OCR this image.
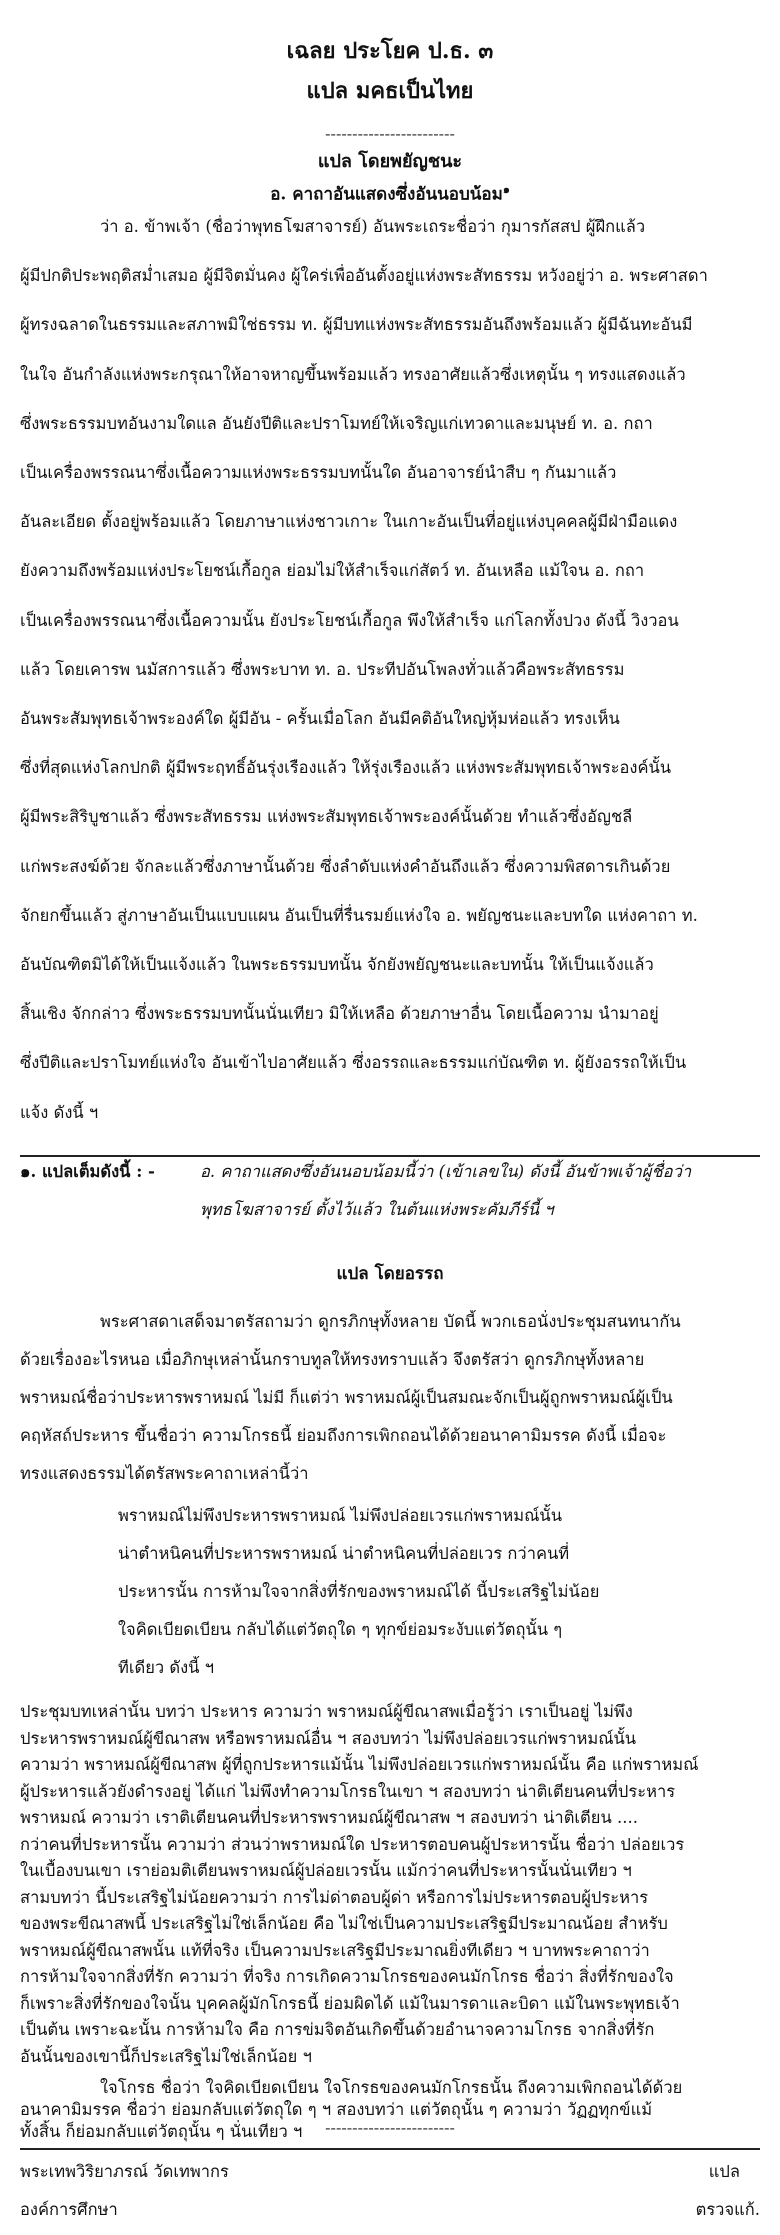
เฉลย ประโยค ป.ธ. ๓
แปล มคธเป็นไทย
------------------------
แปล โดยพยัญชนะ
อ. คาถาอันแสดงซึ่งอันนอบน้อม$^๑$
ว่า อ. ข้าพเจ้า (ชื่อว่าพุทธโฆสาจารย์) อันพระเถระชื่อว่า กุมารกัสสป ผู้ฝึกแล้ว
ผู้มีปกติประพฤติสม่ำเสมอ ผู้มีจิตมั่นคง ผู้ใคร่เพื่ออันตั้งอยู่แห่งพระสัทธรรม หวังอยู่ว่า อ. พระศาสดา
ผู้ทรงฉลาดในธรรมและสภาพมิใช่ธรรม ท. ผู้มีบทแห่งพระสัทธรรมอันถึงพร้อมแล้ว ผู้มีฉันทะอันมี
ในใจ อันกำลังแห่งพระกรุณาให้อาจหาญขึ้นพร้อมแล้ว ทรงอาศัยแล้วซึ่งเหตุนั้น ๆ ทรงแสดงแล้ว
ซึ่งพระธรรมบทอันงามใดแล อันยังปีติและปราโมทย์ให้เจริญแก่เทวดาและมนุษย์ ท. อ. กถา
เป็นเครื่องพรรณนาซึ่งเนื้อความแห่งพระธรรมบทนั้นใด อันอาจารย์นำสืบ ๆ กันมาแล้ว
อันละเอียด ตั้งอยู่พร้อมแล้ว โดยภาษาแห่งชาวเกาะ ในเกาะอันเป็นที่อยู่แห่งบุคคลผู้มีฝ่ามือแดง
ยังความถึงพร้อมแห่งประโยชน์เกื้อกูล ย่อมไม่ให้สำเร็จแก่สัตว์ ท. อันเหลือ แม้ใจน อ. กถา
เป็นเครื่องพรรณนาซึ่งเนื้อความนั้น ยังประโยชน์เกื้อกูล พึงให้สำเร็จ แก่โลกทั้งปวง ดังนี้ วิงวอน
แล้ว โดยเคารพ นมัสการแล้ว ซึ่งพระบาท ท. อ. ประทีปอันโพลงทั่วแล้วคือพระสัทธรรม
อันพระสัมพุทธเจ้าพระองค์ใด ผู้มีอัน - ครั้นเมื่อโลก อันมีคติอันใหญ่หุ้มห่อแล้ว ทรงเห็น
ซึ่งที่สุดแห่งโลกปกติ ผู้มีพระฤทธิ์อันรุ่งเรืองแล้ว ให้รุ่งเรืองแล้ว แห่งพระสัมพุทธเจ้าพระองค์นั้น
ผู้มีพระสิริบูชาแล้ว ซึ่งพระสัทธรรม แห่งพระสัมพุทธเจ้าพระองค์นั้นด้วย ทำแล้วซึ่งอัญชลี
แก่พระสงฆ์ด้วย จักละแล้วซึ่งภาษานั้นด้วย ซึ่งลำดับแห่งคำอันถึงแล้ว ซึ่งความพิสดารเกินด้วย
จักยกขึ้นแล้ว สู่ภาษาอันเป็นแบบแผน อันเป็นที่รื่นรมย์แห่งใจ อ. พยัญชนะและบทใด แห่งคาถา ท.
อันบัณฑิตมิได้ให้เป็นแจ้งแล้ว ในพระธรรมบทนั้น จักยังพยัญชนะและบทนั้น ให้เป็นแจ้งแล้ว
สิ้นเชิง จักกล่าว ซึ่งพระธรรมบทนั้นนั่นเทียว มิให้เหลือ ด้วยภาษาอื่น โดยเนื้อความ นำมาอยู่
ซึ่งปีติและปราโมทย์แห่งใจ อันเข้าไปอาศัยแล้ว ซึ่งอรรถและธรรมแก่บัณฑิต ท. ผู้ยังอรรถให้เป็น
แจ้ง ดังนี้ ฯ
๑. แปลเต็มดังนี้ : -	อ. คาถาแสดงซึ่งอันนอบน้อมนี้ว่า (เข้าเลขใน) ดังนี้ อันข้าพเจ้าผู้ชื่อว่า
พุทธโฆสาจารย์ ตั้งไว้แล้ว ในต้นแห่งพระคัมภีร์นี้ ฯ
แปล โดยอรรถ
พระศาสดาเสด็จมาตรัสถามว่า ดูกรภิกษุทั้งหลาย บัดนี้ พวกเธอนั่งประชุมสนทนากัน
ด้วยเรื่องอะไรหนอ เมื่อภิกษุเหล่านั้นกราบทูลให้ทรงทราบแล้ว จึงตรัสว่า ดูกรภิกษุทั้งหลาย
พราหมณ์ชื่อว่าประหารพราหมณ์ ไม่มี ก็แต่ว่า พราหมณ์ผู้เป็นสมณะจักเป็นผู้ถูกพราหมณ์ผู้เป็น
คฤหัสถ์ประหาร ขึ้นชื่อว่า ความโกรธนี้ ย่อมถึงการเพิกถอนได้ด้วยอนาคามิมรรค ดังนี้ เมื่อจะ
ทรงแสดงธรรมได้ตรัสพระคาถาเหล่านี้ว่า
พราหมณ์ไม่พึงประหารพราหมณ์ ไม่พึงปล่อยเวรแก่พราหมณ์นั้น
น่าตำหนิคนที่ประหารพราหมณ์ น่าตำหนิคนที่ปล่อยเวร กว่าคนที่
ประหารนั้น การห้ามใจจากสิ่งที่รักของพราหมณ์ได้ นี้ประเสริฐไม่น้อย
ใจคิดเบียดเบียน กลับได้แต่วัตถุใด ๆ ทุกข์ย่อมระงับแต่วัตถุนั้น ๆ
ทีเดียว ดังนี้ ฯ
ประชุมบทเหล่านั้น บทว่า ประหาร ความว่า พราหมณ์ผู้ขีณาสพเมื่อรู้ว่า เราเป็นอยู่ ไม่พึง
ประหารพราหมณ์ผู้ขีณาสพ หรือพราหมณ์อื่น ฯ สองบทว่า ไม่พึงปล่อยเวรแก่พราหมณ์นั้น
ความว่า พราหมณ์ผู้ขีณาสพ ผู้ที่ถูกประหารแม้นั้น ไม่พึงปล่อยเวรแก่พราหมณ์นั้น คือ แก่พราหมณ์
ผู้ประหารแล้วยังดำรงอยู่ ได้แก่ ไม่พึงทำความโกรธในเขา ฯ สองบทว่า น่าติเตียนคนที่ประหาร
พราหมณ์ ความว่า เราติเตียนคนที่ประหารพราหมณ์ผู้ขีณาสพ ฯ สองบทว่า น่าติเตียน ....
กว่าคนที่ประหารนั้น ความว่า ส่วนว่าพราหมณ์ใด ประหารตอบคนผู้ประหารนั้น ชื่อว่า ปล่อยเวร
ในเบื้องบนเขา เราย่อมติเตียนพราหมณ์ผู้ปล่อยเวรนั้น แม้กว่าคนที่ประหารนั้นนั่นเทียว ฯ
สามบทว่า นี้ประเสริฐไม่น้อยความว่า การไม่ด่าตอบผู้ด่า หรือการไม่ประหารตอบผู้ประหาร
ของพระขีณาสพนี้ ประเสริฐไม่ใช่เล็กน้อย คือ ไม่ใช่เป็นความประเสริฐมีประมาณน้อย สำหรับ
พราหมณ์ผู้ขีณาสพนั้น แท้ที่จริง เป็นความประเสริฐมีประมาณยิ่งทีเดียว ฯ บาทพระคาถาว่า
การห้ามใจจากสิ่งที่รัก ความว่า ที่จริง การเกิดความโกรธของคนมักโกรธ ชื่อว่า สิ่งที่รักของใจ
ก็เพราะสิ่งที่รักของใจนั้น บุคคลผู้มักโกรธนี้ ย่อมผิดได้ แม้ในมารดาและบิดา แม้ในพระพุทธเจ้า
เป็นต้น เพราะฉะนั้น การห้ามใจ คือ การข่มจิตอันเกิดขึ้นด้วยอำนาจความโกรธ จากสิ่งที่รัก
อันนั้นของเขานี้ก็ประเสริฐไม่ใช่เล็กน้อย ฯ
ใจโกรธ ชื่อว่า ใจคิดเบียดเบียน ใจโกรธของคนมักโกรธนั้น ถึงความเพิกถอนได้ด้วย
อนาคามิมรรค ชื่อว่า ย่อมกลับแต่วัตถุใด ๆ ฯ สองบทว่า แต่วัตถุนั้น ๆ ความว่า วัฏฏทุกข์แม้
ทั้งสิ้น ก็ย่อมกลับแต่วัตถุนั้น ๆ นั่นเทียว ฯ	------------------------
พระเทพวิริยาภรณ์ วัดเทพากร	แปล
องค์การศึกษา	ตรวจแก้.
